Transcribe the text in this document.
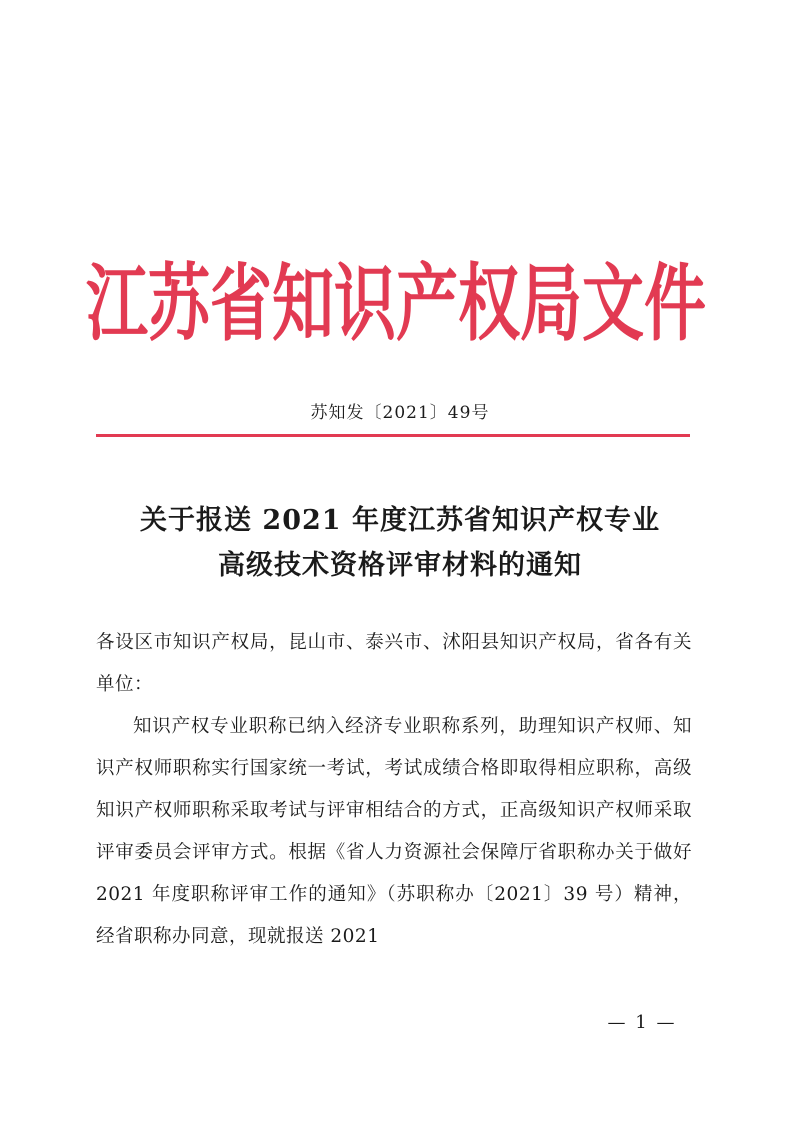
江苏省知识产权局文件
苏知发〔2021〕49号
关于报送 2021 年度江苏省知识产权专业
高级技术资格评审材料的通知

各设区市知识产权局，昆山市、泰兴市、沭阳县知识产权局，省各有关单位：

知识产权专业职称已纳入经济专业职称系列，助理知识产权师、知识产权师职称实行国家统一考试，考试成绩合格即取得相应职称，高级知识产权师职称采取考试与评审相结合的方式，正高级知识产权师采取评审委员会评审方式。根据《省人力资源社会保障厅省职称办关于做好 2021 年度职称评审工作的通知》（苏职称办〔2021〕39 号）精神，经省职称办同意，现就报送 2021

— 1 —
